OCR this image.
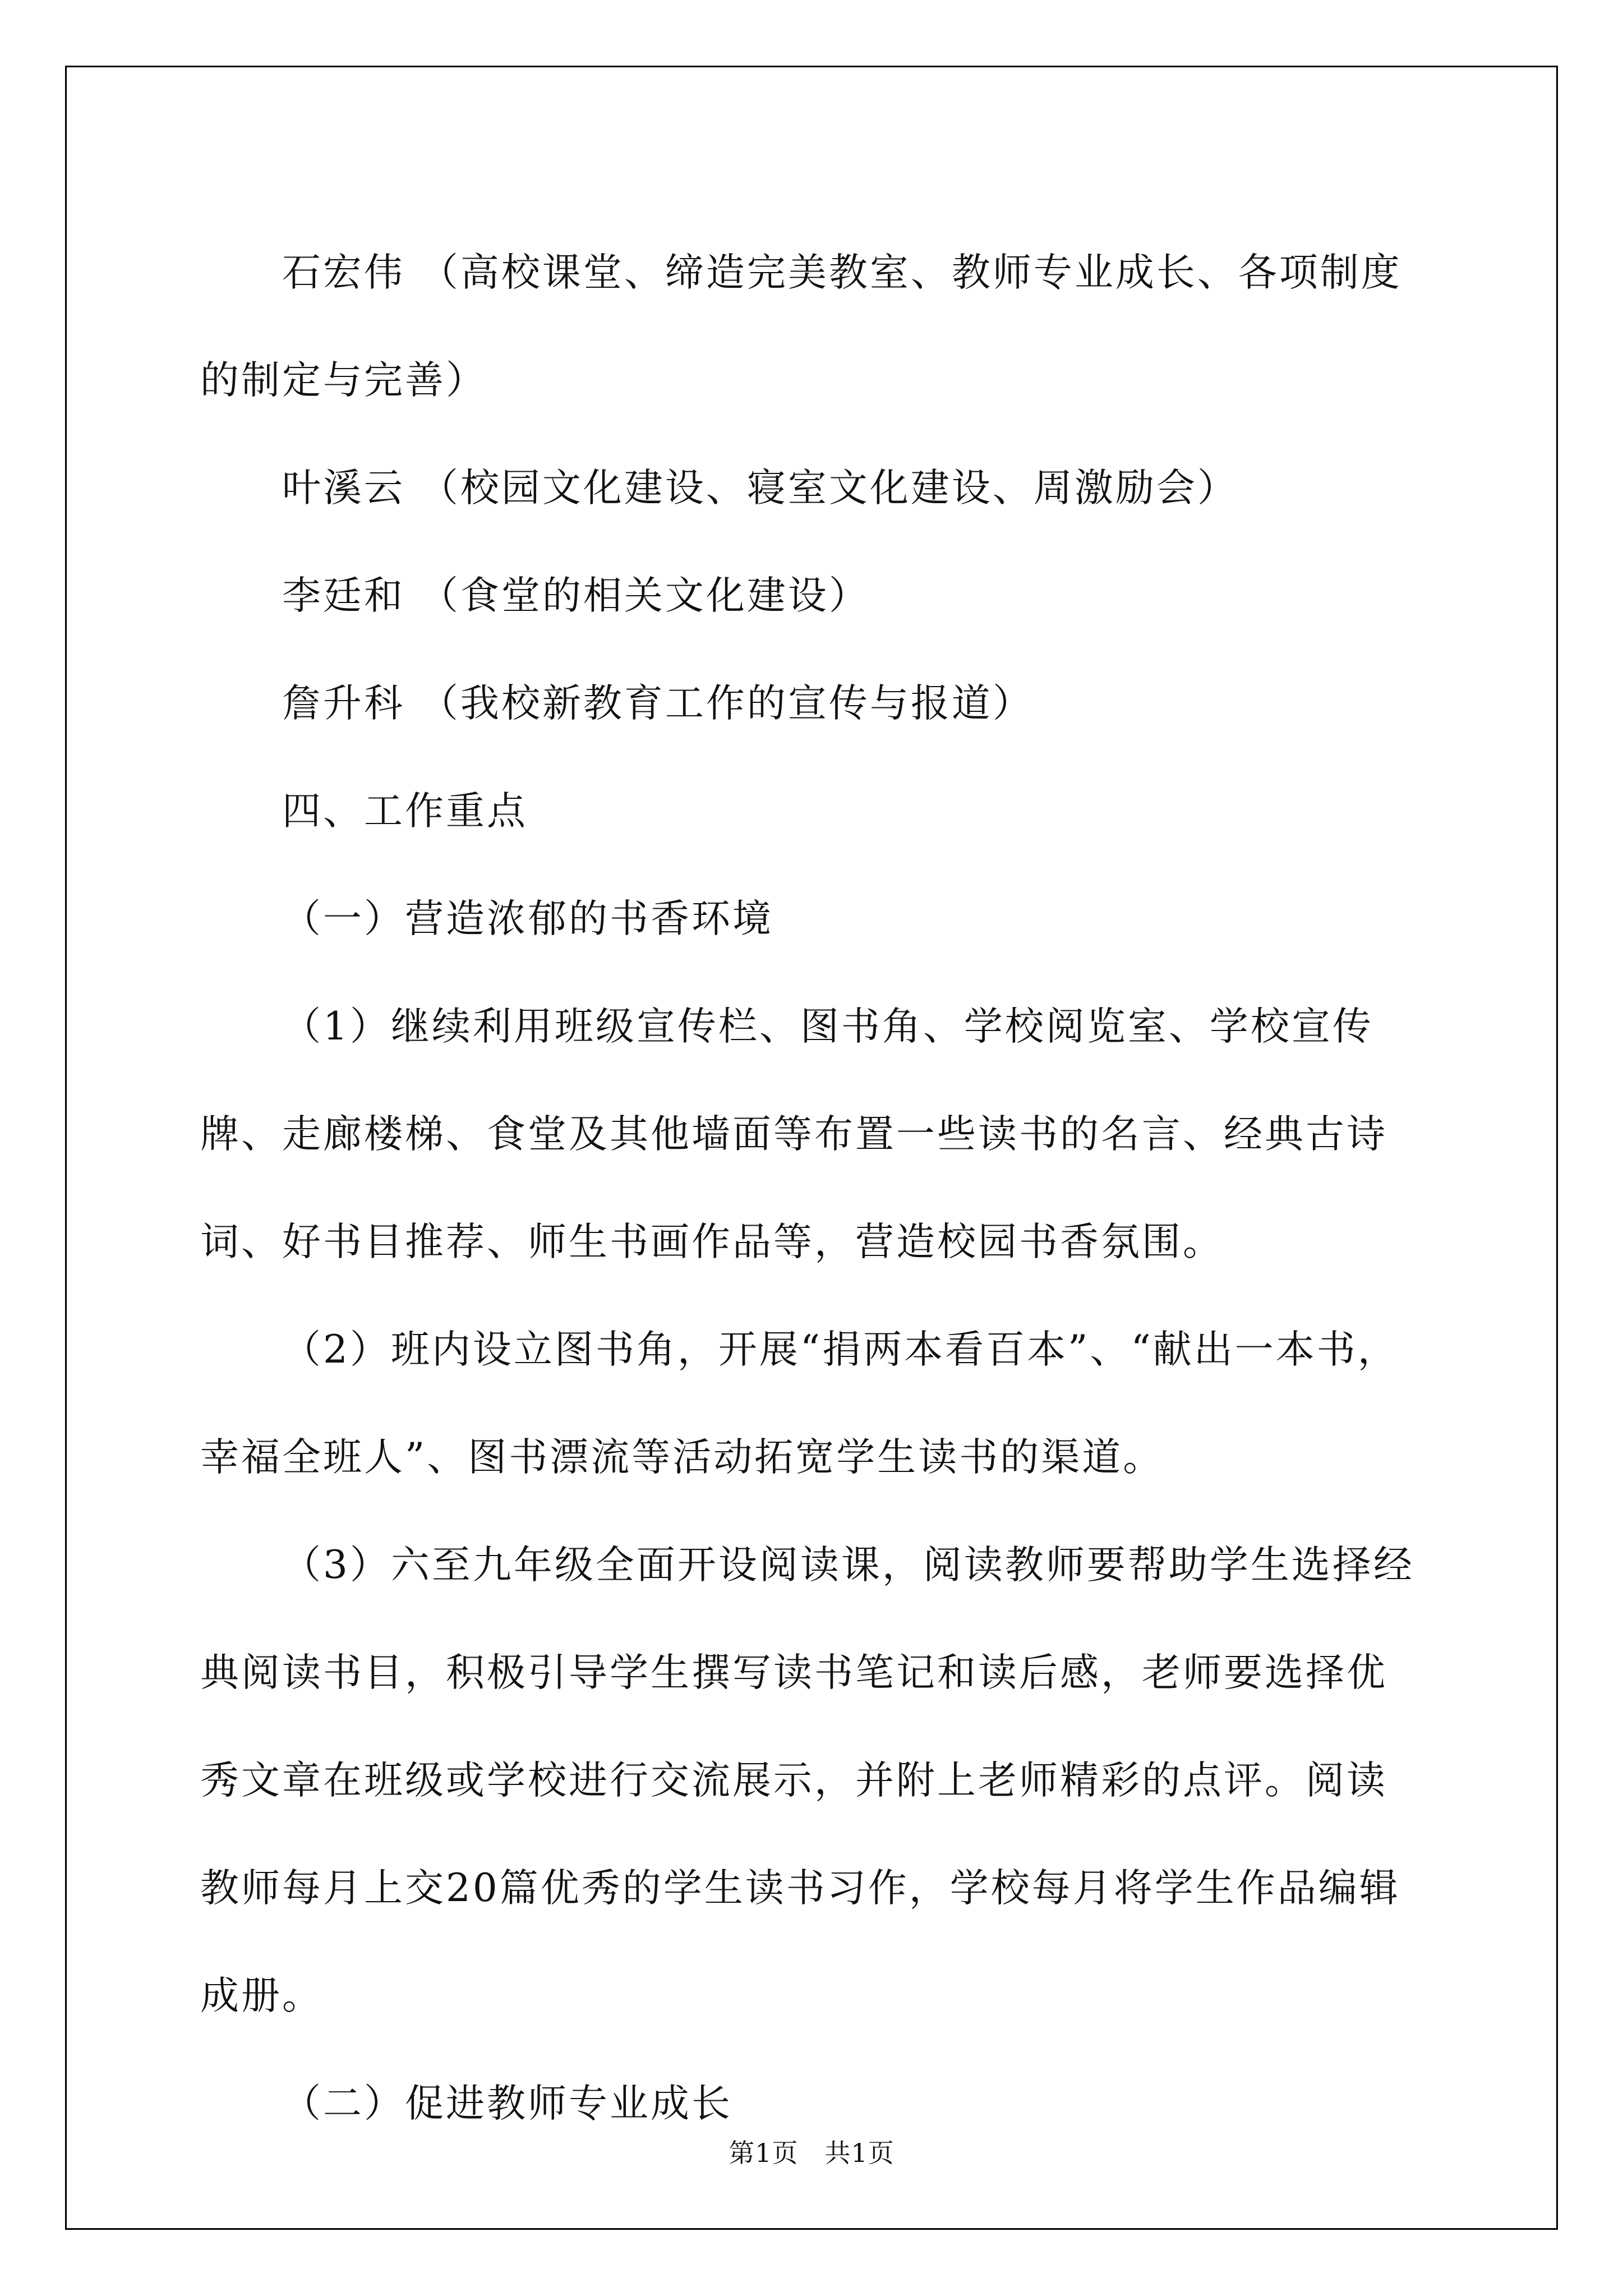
石宏伟 （高校课堂、缔造完美教室、教师专业成长、各项制度的制定与完善）

叶溪云 （校园文化建设、寝室文化建设、周激励会）

李廷和 （食堂的相关文化建设）

詹升科 （我校新教育工作的宣传与报道）

四、工作重点

（一）营造浓郁的书香环境

（1）继续利用班级宣传栏、图书角、学校阅览室、学校宣传牌、走廊楼梯、食堂及其他墙面等布置一些读书的名言、经典古诗词、好书目推荐、师生书画作品等，营造校园书香氛围。

（2）班内设立图书角，开展“捐两本看百本”、“献出一本书，幸福全班人”、图书漂流等活动拓宽学生读书的渠道。

（3）六至九年级全面开设阅读课，阅读教师要帮助学生选择经典阅读书目，积极引导学生撰写读书笔记和读后感，老师要选择优秀文章在班级或学校进行交流展示，并附上老师精彩的点评。阅读教师每月上交20篇优秀的学生读书习作，学校每月将学生作品编辑成册。

（二）促进教师专业成长

第1页　共1页
